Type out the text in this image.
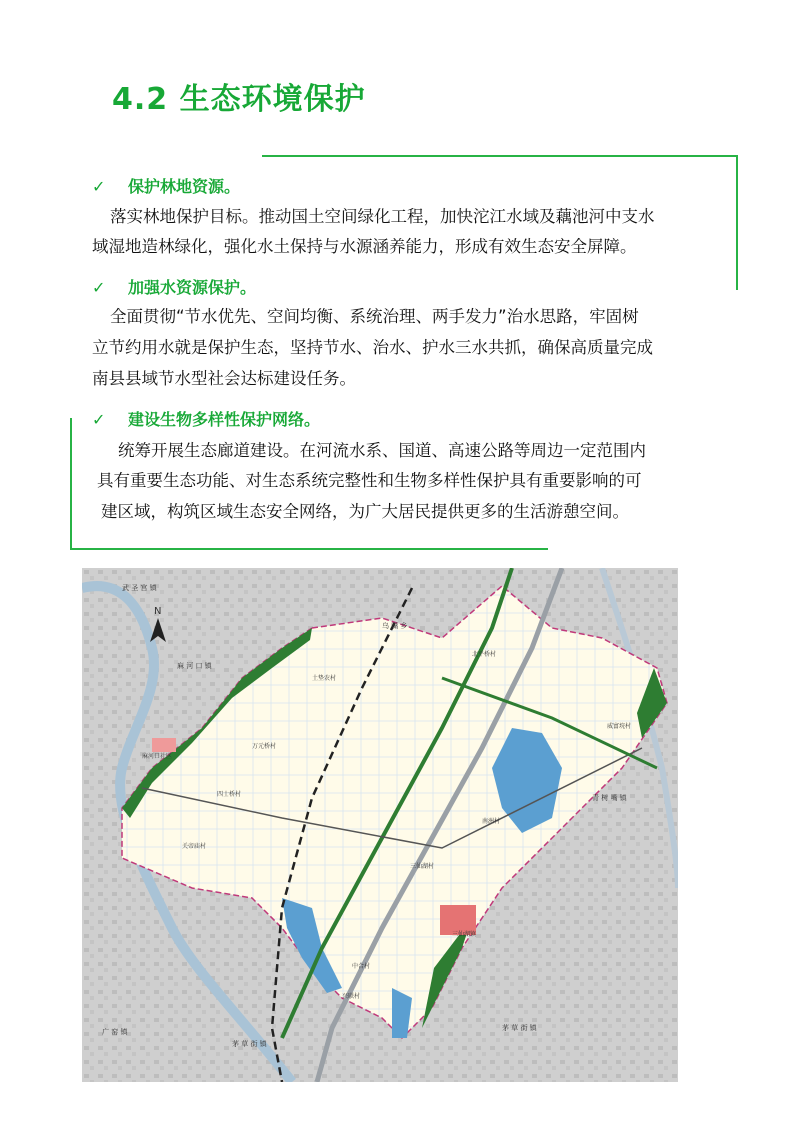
4.2 生态环境保护
✓ 保护林地资源。
落实林地保护目标。推动国土空间绿化工程，加快沱江水域及藕池河中支水
域湿地造林绿化，强化水土保持与水源涵养能力，形成有效生态安全屏障。
✓ 加强水资源保护。
全面贯彻“节水优先、空间均衡、系统治理、两手发力”治水思路，牢固树
立节约用水就是保护生态，坚持节水、治水、护水三水共抓，确保高质量完成
南县县域节水型社会达标建设任务。
✓ 建设生物多样性保护网络。
统筹开展生态廊道建设。在河流水系、国道、高速公路等周边一定范围内
具有重要生态功能、对生态系统完整性和生物多样性保护具有重要影响的可
建区域，构筑区域生态安全网络，为广大居民提供更多的生活游憩空间。
N
武 圣 宫 镇
乌 嘴 乡
麻 河 口 镇
青 树 嘴 镇
广 窑 镇
茅 草 街 镇
茅 草 街 镇
土垫农村
万元桥村
北平桥村
威富垸村
四士桥村
南洲村
关帝庙村
三仙湖村
中合村
三仙湖镇
兴联村
麻河口社区
